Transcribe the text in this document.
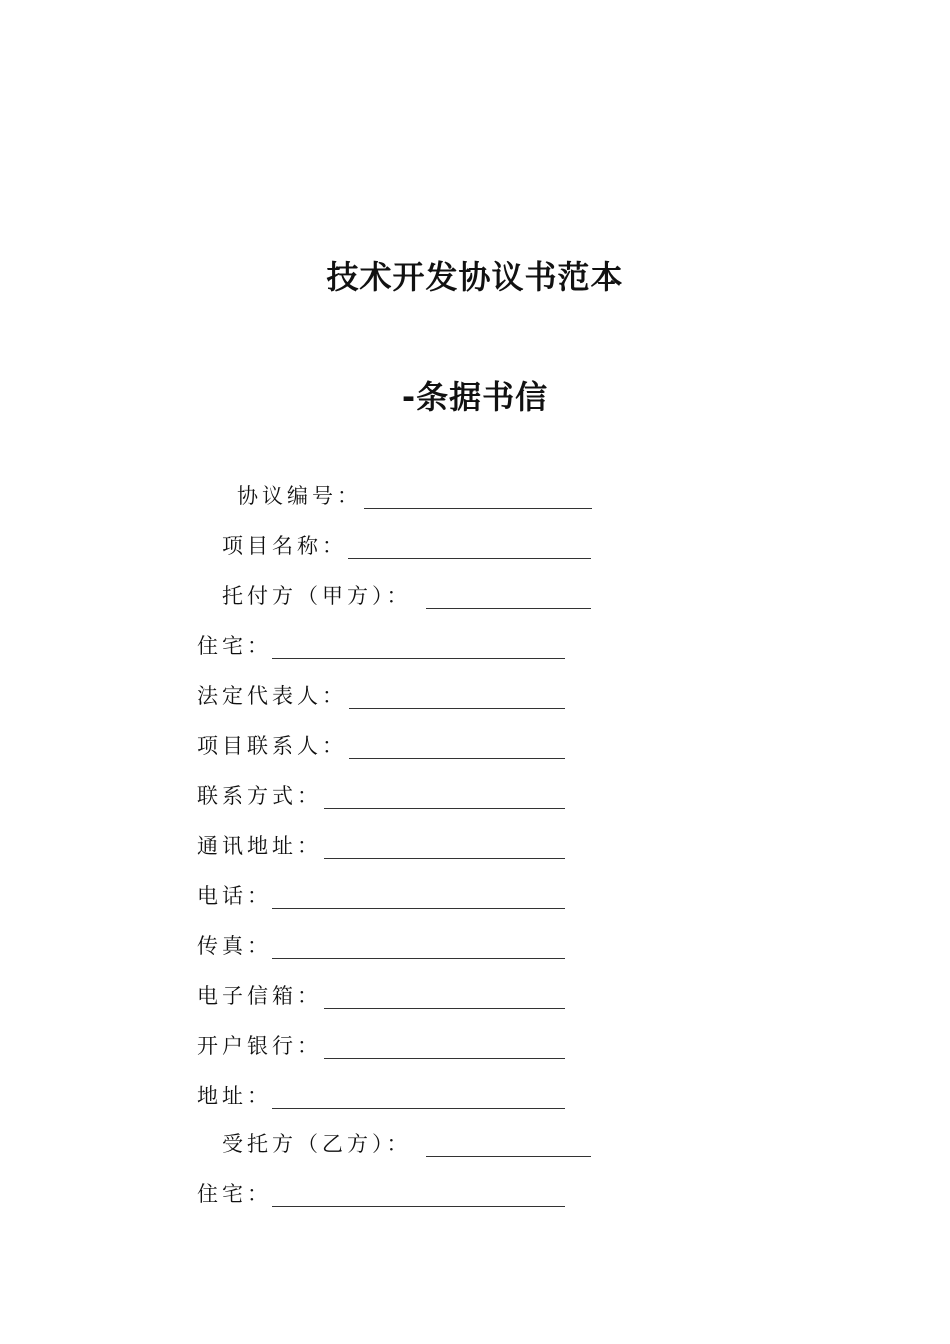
技术开发协议书范本
-条据书信
协议编号：
项目名称：
托付方（甲方）：
住宅：
法定代表人：
项目联系人：
联系方式：
通讯地址：
电话：
传真：
电子信箱：
开户银行：
地址：
受托方（乙方）：
住宅：
